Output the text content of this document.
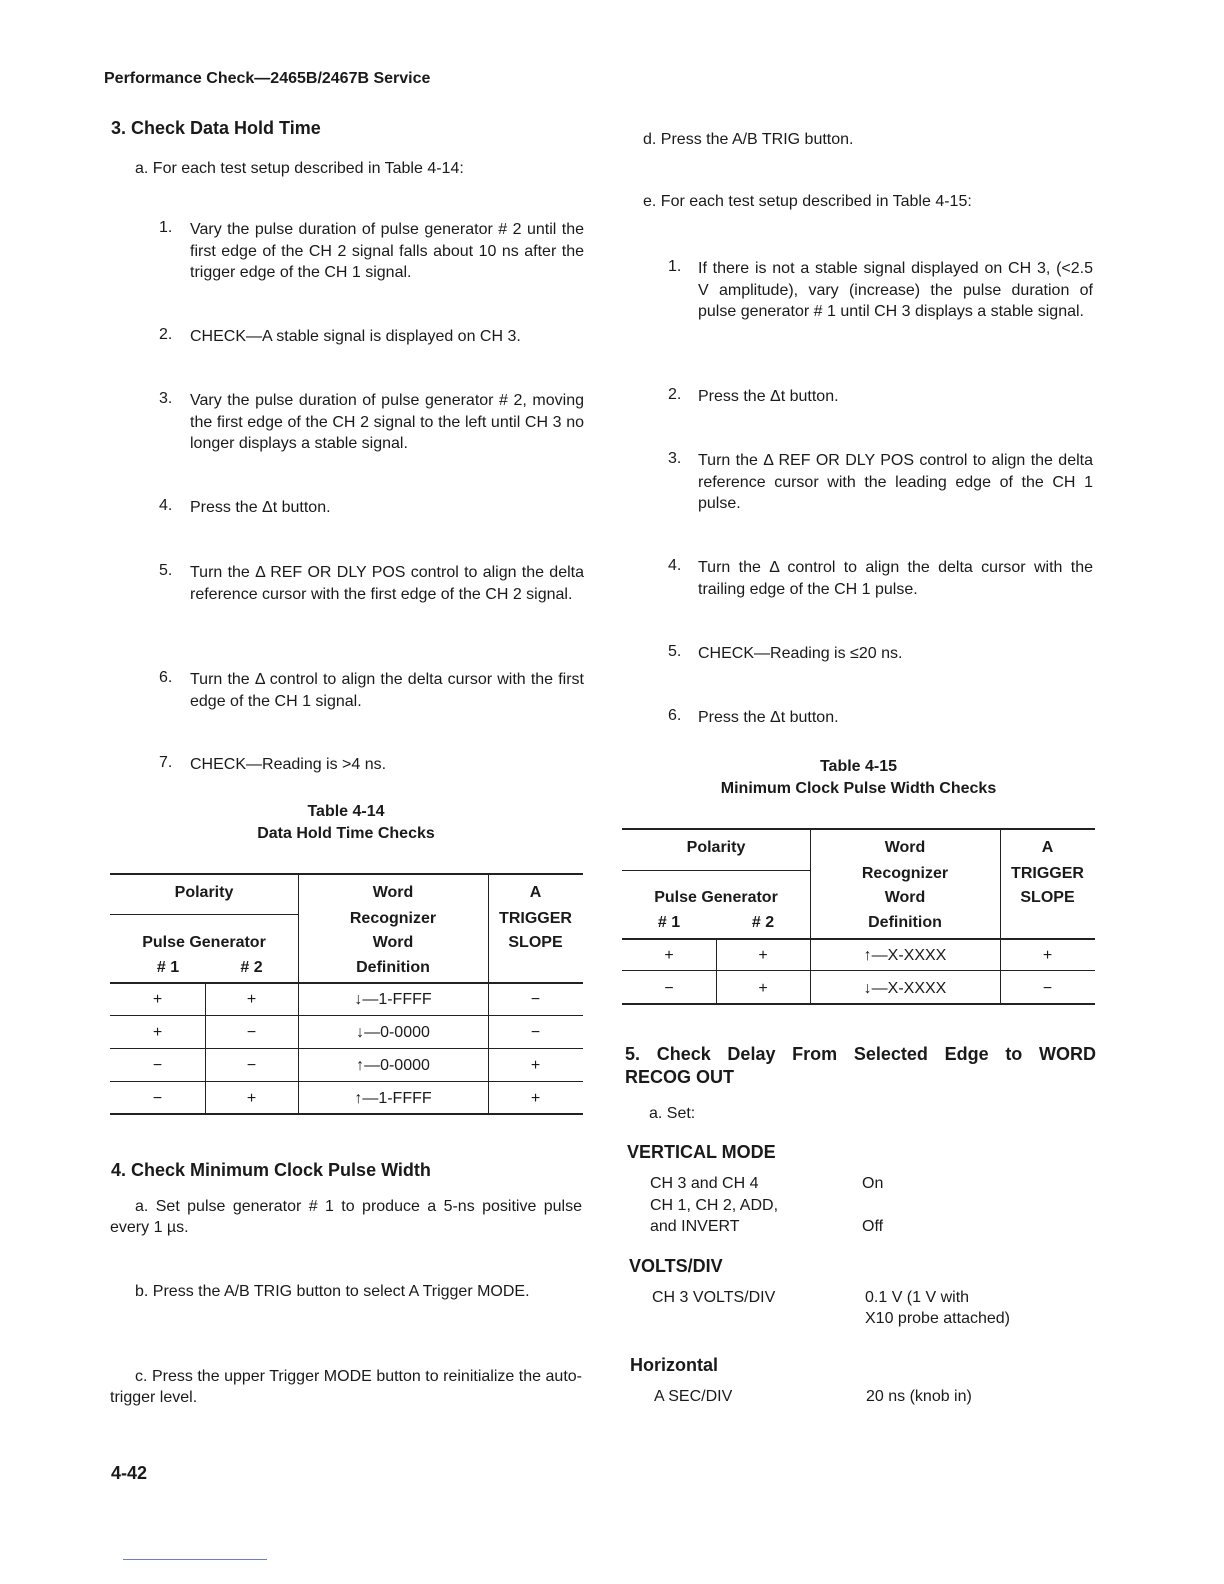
Performance Check—2465B/2467B Service
3. Check Data Hold Time
a. For each test setup described in Table 4-14:
1. Vary the pulse duration of pulse generator # 2 until the first edge of the CH 2 signal falls about 10 ns after the trigger edge of the CH 1 signal.
2. CHECK—A stable signal is displayed on CH 3.
3. Vary the pulse duration of pulse generator # 2, moving the first edge of the CH 2 signal to the left until CH 3 no longer displays a stable signal.
4. Press the Δt button.
5. Turn the Δ REF OR DLY POS control to align the delta reference cursor with the first edge of the CH 2 signal.
6. Turn the Δ control to align the delta cursor with the first edge of the CH 1 signal.
7. CHECK—Reading is >4 ns.
Table 4-14
Data Hold Time Checks
Polarity
Pulse Generator
# 1	# 2
Word
Recognizer
Word
Definition
A
TRIGGER
SLOPE
+	+	↓—1-FFFF	−
+	−	↓—0-0000	−
−	−	↑—0-0000	+
−	+	↑—1-FFFF	+
4. Check Minimum Clock Pulse Width
a. Set pulse generator # 1 to produce a 5-ns positive pulse every 1 µs.
b. Press the A/B TRIG button to select A Trigger MODE.
c. Press the upper Trigger MODE button to reinitialize the auto-trigger level.
4-42
d. Press the A/B TRIG button.
e. For each test setup described in Table 4-15:
1. If there is not a stable signal displayed on CH 3, (<2.5 V amplitude), vary (increase) the pulse duration of pulse generator # 1 until CH 3 displays a stable signal.
2. Press the Δt button.
3. Turn the Δ REF OR DLY POS control to align the delta reference cursor with the leading edge of the CH 1 pulse.
4. Turn the Δ control to align the delta cursor with the trailing edge of the CH 1 pulse.
5. CHECK—Reading is ≤20 ns.
6. Press the Δt button.
Table 4-15
Minimum Clock Pulse Width Checks
Polarity
Pulse Generator
# 1	# 2
Word
Recognizer
Word
Definition
A
TRIGGER
SLOPE
+	+	↑—X-XXXX	+
−	+	↓—X-XXXX	−
5. Check Delay From Selected Edge to WORD
RECOG OUT
a. Set:
VERTICAL MODE
CH 3 and CH 4	On
CH 1, CH 2, ADD,
and INVERT	Off
VOLTS/DIV
CH 3 VOLTS/DIV	0.1 V (1 V with
X10 probe attached)
Horizontal
A SEC/DIV	20 ns (knob in)
